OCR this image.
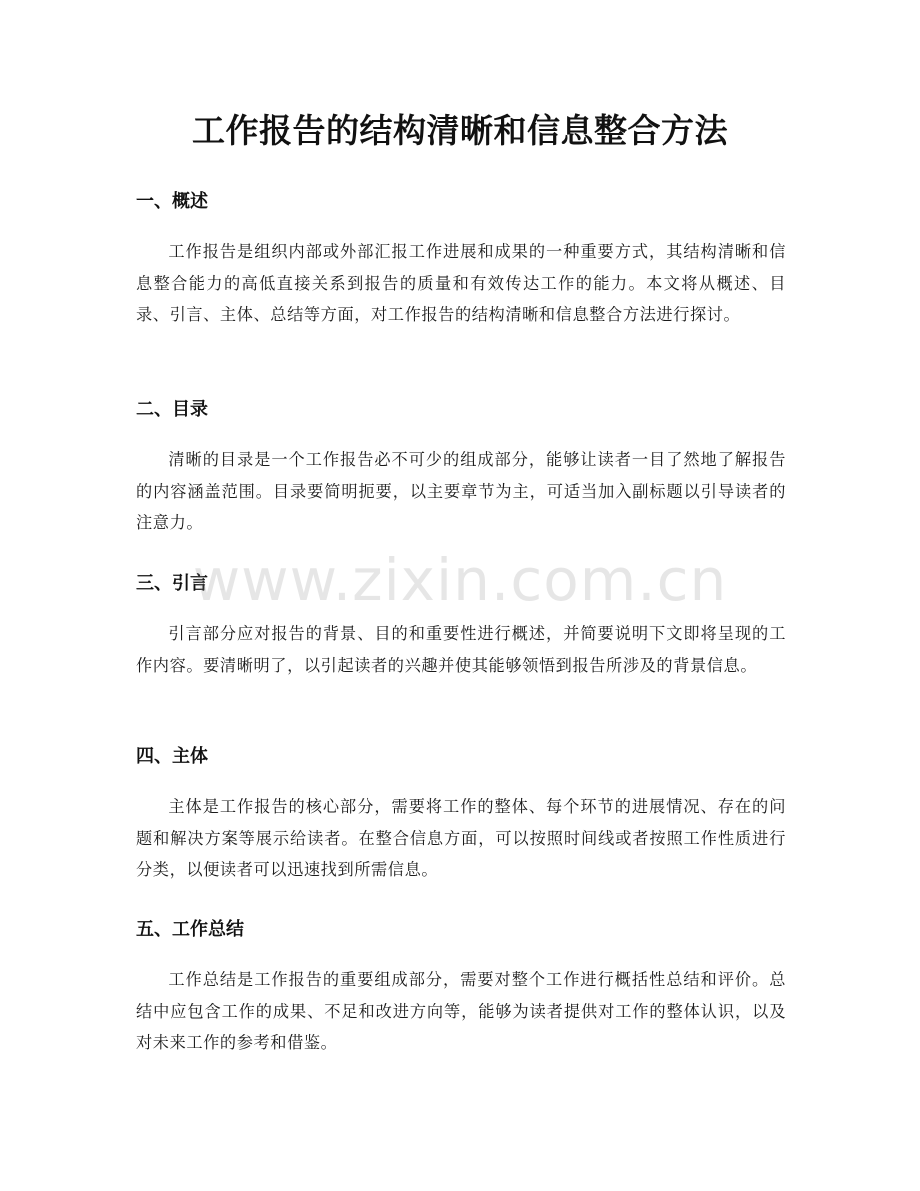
工作报告的结构清晰和信息整合方法
一、概述

工作报告是组织内部或外部汇报工作进展和成果的一种重要方式，其结构清晰和信息整合能力的高低直接关系到报告的质量和有效传达工作的能力。本文将从概述、目录、引言、主体、总结等方面，对工作报告的结构清晰和信息整合方法进行探讨。

二、目录

清晰的目录是一个工作报告必不可少的组成部分，能够让读者一目了然地了解报告的内容涵盖范围。目录要简明扼要，以主要章节为主，可适当加入副标题以引导读者的注意力。

三、引言

引言部分应对报告的背景、目的和重要性进行概述，并简要说明下文即将呈现的工作内容。要清晰明了，以引起读者的兴趣并使其能够领悟到报告所涉及的背景信息。

四、主体

主体是工作报告的核心部分，需要将工作的整体、每个环节的进展情况、存在的问题和解决方案等展示给读者。在整合信息方面，可以按照时间线或者按照工作性质进行分类，以便读者可以迅速找到所需信息。

五、工作总结

工作总结是工作报告的重要组成部分，需要对整个工作进行概括性总结和评价。总结中应包含工作的成果、不足和改进方向等，能够为读者提供对工作的整体认识，以及对未来工作的参考和借鉴。

www.zixin.com.cn
